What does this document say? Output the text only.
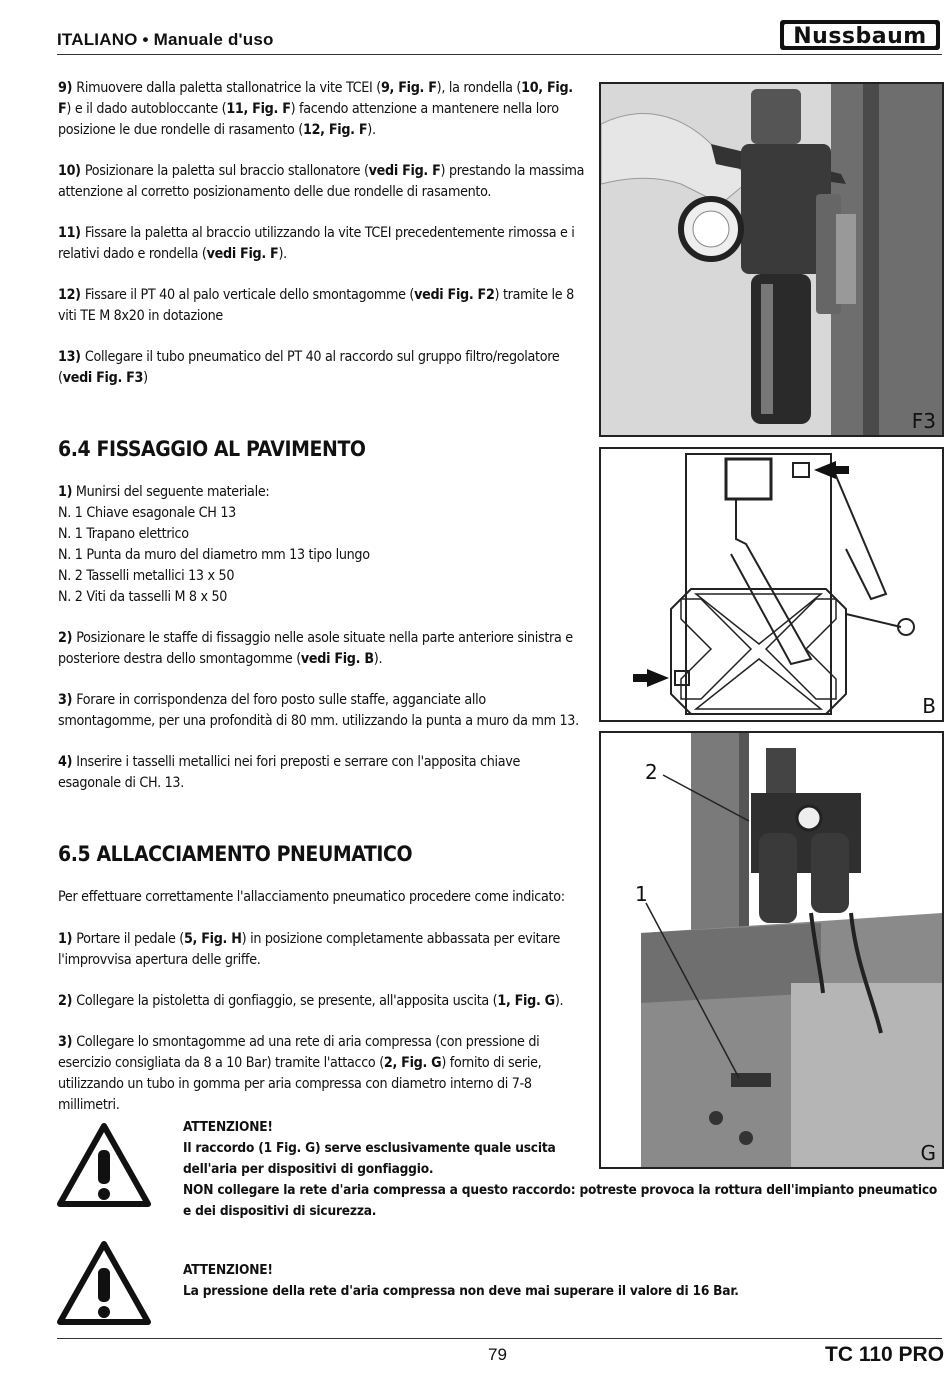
ITALIANO • Manuale d'uso	Nussbaum

9) Rimuovere dalla paletta stallonatrice la vite TCEI (9, Fig. F), la rondella (10, Fig. F) e il dado autobloccante (11, Fig. F) facendo attenzione a mantenere nella loro posizione le due rondelle di rasamento (12, Fig. F).

10) Posizionare la paletta sul braccio stallonatore (vedi Fig. F) prestando la massima attenzione al corretto posizionamento delle due rondelle di rasamento.

11) Fissare la paletta al braccio utilizzando la vite TCEI precedentemente rimossa e i relativi dado e rondella (vedi Fig. F).

12) Fissare il PT 40 al palo verticale dello smontagomme (vedi Fig. F2) tramite le 8 viti TE M 8x20 in dotazione

13) Collegare il tubo pneumatico del PT 40 al raccordo sul gruppo filtro/regolatore (vedi Fig. F3)

6.4 FISSAGGIO AL PAVIMENTO

1) Munirsi del seguente materiale:

N. 1 Chiave esagonale CH 13

N. 1 Trapano elettrico

N. 1 Punta da muro del diametro mm 13 tipo lungo

N. 2 Tasselli metallici 13 x 50

N. 2 Viti da tasselli M 8 x 50

2) Posizionare le staffe di fissaggio nelle asole situate nella parte anteriore sinistra e posteriore destra dello smontagomme (vedi Fig. B).

3) Forare in corrispondenza del foro posto sulle staffe, agganciate allo smontagomme, per una profondità di 80 mm. utilizzando la punta a muro da mm 13.

4) Inserire i tasselli metallici nei fori preposti e serrare con l'apposita chiave esagonale di CH. 13.

6.5 ALLACCIAMENTO PNEUMATICO

Per effettuare correttamente l'allacciamento pneumatico procedere come indicato:

1) Portare il pedale (5, Fig. H) in posizione completamente abbassata per evitare l'improvvisa apertura delle griffe.

2) Collegare la pistoletta di gonfiaggio, se presente, all'apposita uscita (1, Fig. G).

3) Collegare lo smontagomme ad una rete di aria compressa (con pressione di esercizio consigliata da 8 a 10 Bar) tramite l'attacco (2, Fig. G) fornito di serie, utilizzando un tubo in gomma per aria compressa con diametro interno di 7-8 millimetri.

ATTENZIONE!

Il raccordo (1 Fig. G) serve esclusivamente quale uscita

dell'aria per dispositivi di gonfiaggio.

NON collegare la rete d'aria compressa a questo raccordo: potreste provoca la rottura dell'impianto pneumatico

e dei dispositivi di sicurezza.

ATTENZIONE!

La pressione della rete d'aria compressa non deve mai superare il valore di 16 Bar.

F3
B
2
1
G
79	TC 110 PRO
